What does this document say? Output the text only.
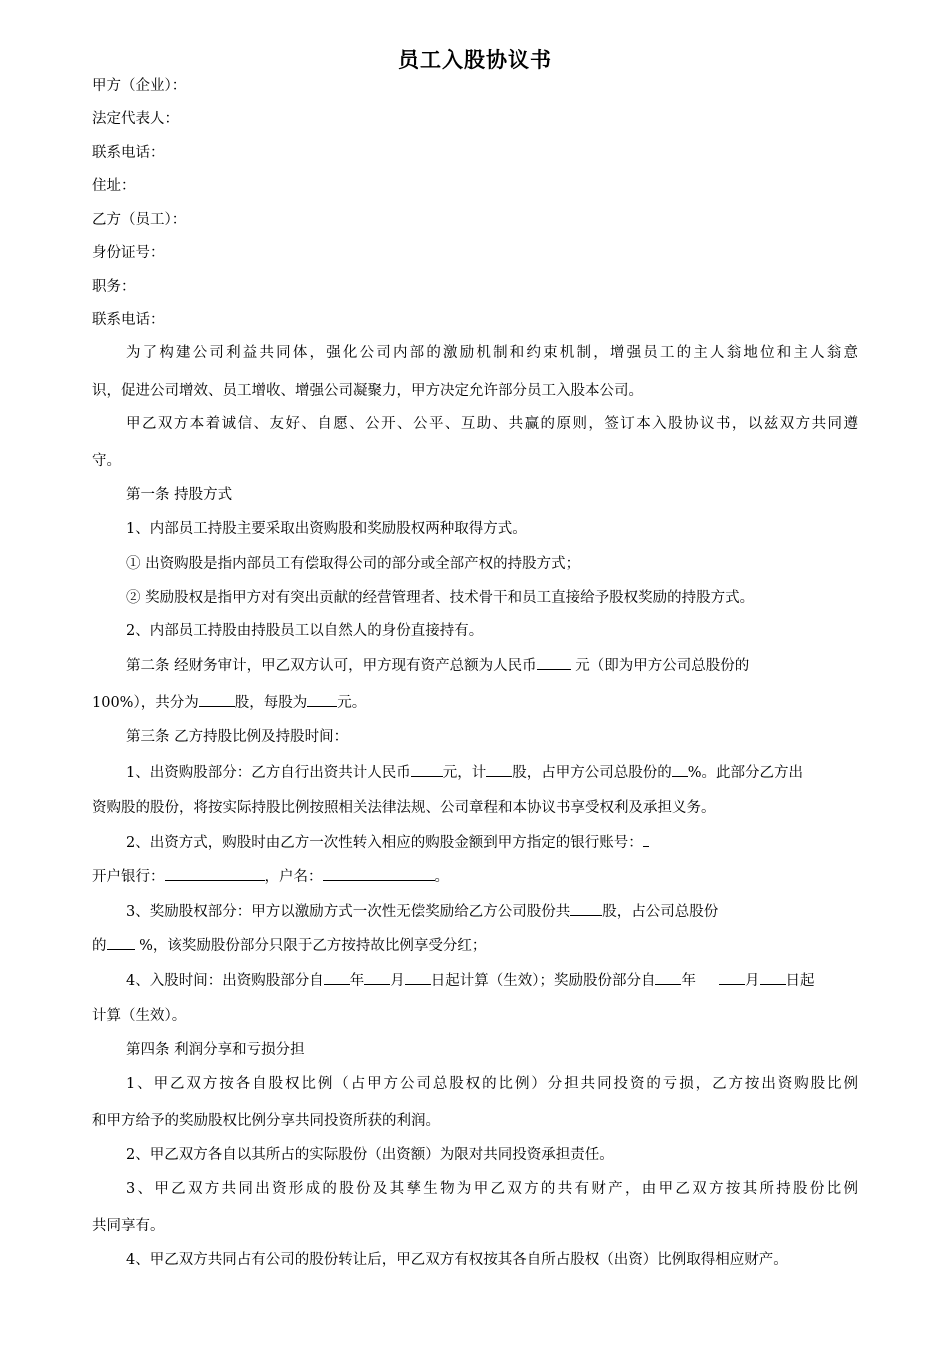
员工入股协议书
甲方（企业）：
法定代表人：
联系电话：
住址：
乙方（员工）：
身份证号：
职务：
联系电话：
为了构建公司利益共同体，强化公司内部的激励机制和约束机制，增强员工的主人翁地位和主人翁意
识，促进公司增效、员工增收、增强公司凝聚力，甲方决定允许部分员工入股本公司。
甲乙双方本着诚信、友好、自愿、公开、公平、互助、共赢的原则，签订本入股协议书，以兹双方共同遵
守。
第一条 持股方式
1、内部员工持股主要采取出资购股和奖励股权两种取得方式。
① 出资购股是指内部员工有偿取得公司的部分或全部产权的持股方式；
② 奖励股权是指甲方对有突出贡献的经营管理者、技术骨干和员工直接给予股权奖励的持股方式。
2、内部员工持股由持股员工以自然人的身份直接持有。
第二条 经财务审计，甲乙双方认可，甲方现有资产总额为人民币	元（即为甲方公司总股份的
100%），共分为 股，每股为 元。
第三条 乙方持股比例及持股时间：
1、出资购股部分：乙方自行出资共计人民币 元，计 股，占甲方公司总股份的 %。此部分乙方出
资购股的股份，将按实际持股比例按照相关法律法规、公司章程和本协议书享受权利及承担义务。
2、出资方式，购股时由乙方一次性转入相应的购股金额到甲方指定的银行账号：
开户银行：	，户名：	。
3、奖励股权部分：甲方以激励方式一次性无偿奖励给乙方公司股份共 股，占公司总股份
的 %，该奖励股份部分只限于乙方按持故比例享受分红；
4、入股时间：出资购股部分自 年 月 日起计算（生效）；奖励股份部分自 年	月 日起
计算（生效）。
第四条 利润分享和亏损分担
1、甲乙双方按各自股权比例（占甲方公司总股权的比例）分担共同投资的亏损，乙方按出资购股比例
和甲方给予的奖励股权比例分享共同投资所获的利润。
2、甲乙双方各自以其所占的实际股份（出资额）为限对共同投资承担责任。
3、甲乙双方共同出资形成的股份及其孳生物为甲乙双方的共有财产，由甲乙双方按其所持股份比例
共同享有。
4、甲乙双方共同占有公司的股份转让后，甲乙双方有权按其各自所占股权（出资）比例取得相应财产。
